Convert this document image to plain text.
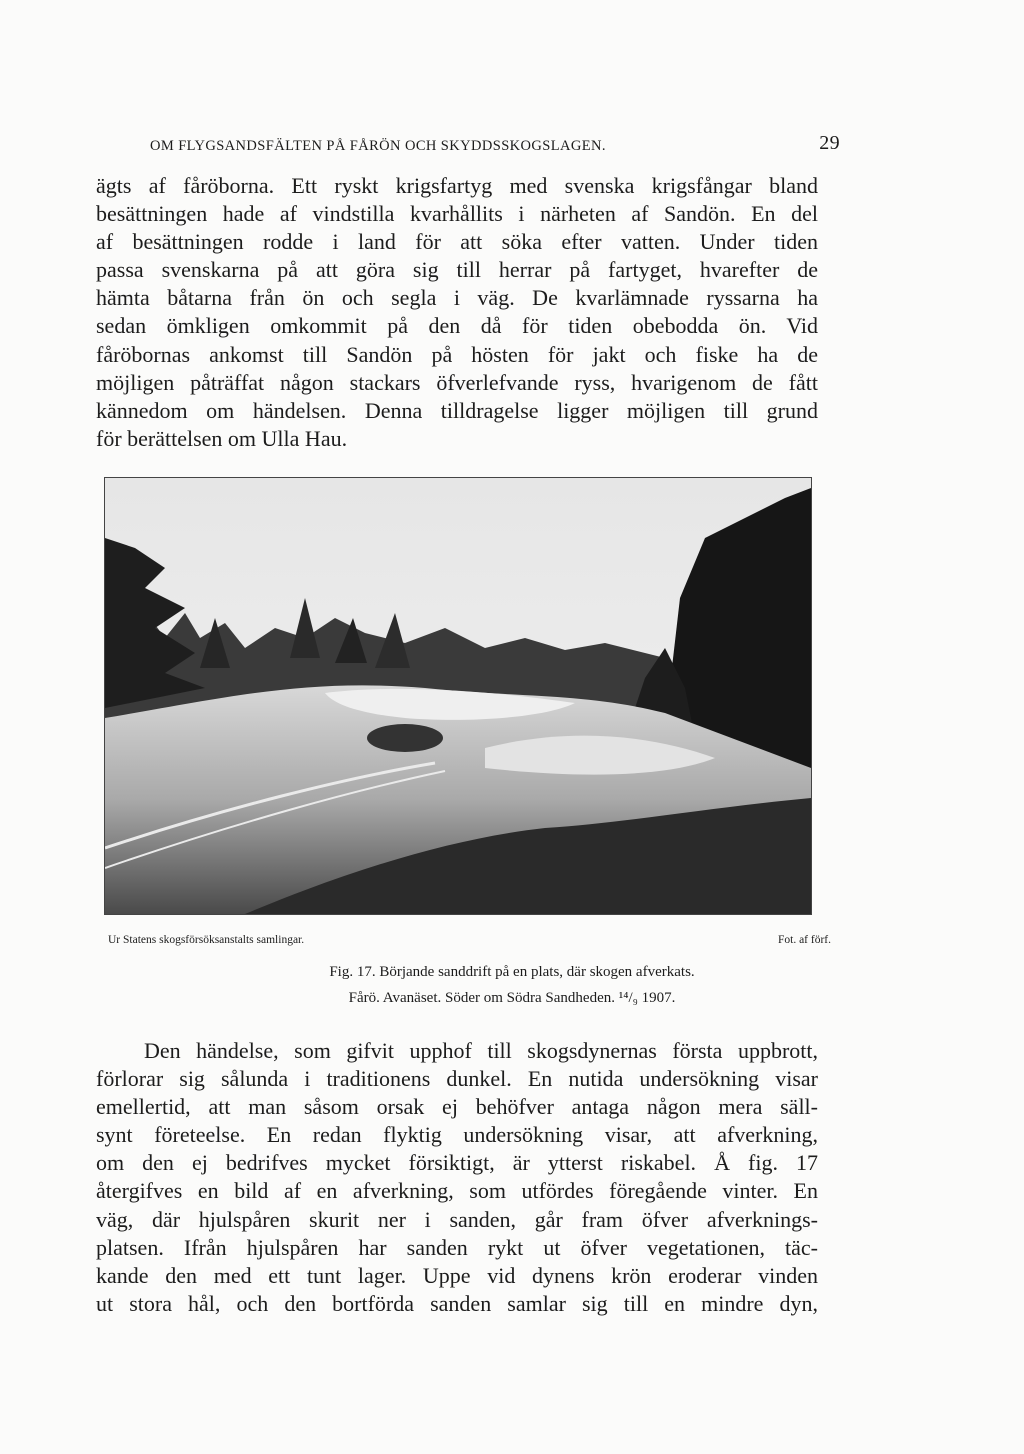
OM FLYGSANDSFÄLTEN PÅ FÅRÖN OCH SKYDDSSKOGSLAGEN.	29
ägts af fåröborna. Ett ryskt krigsfartyg med svenska krigsfångar bland
besättningen hade af vindstilla kvarhållits i närheten af Sandön. En del
af besättningen rodde i land för att söka efter vatten. Under tiden
passa svenskarna på att göra sig till herrar på fartyget, hvarefter de
hämta båtarna från ön och segla i väg. De kvarlämnade ryssarna ha
sedan ömkligen omkommit på den då för tiden obebodda ön. Vid
fåröbornas ankomst till Sandön på hösten för jakt och fiske ha de
möjligen påträffat någon stackars öfverlefvande ryss, hvarigenom de fått
kännedom om händelsen. Denna tilldragelse ligger möjligen till grund
för berättelsen om Ulla Hau.
Ur Statens skogsförsöksanstalts samlingar.	Fot. af förf.
Fig. 17. Börjande sanddrift på en plats, där skogen afverkats.
Fårö. Avanäset. Söder om Södra Sandheden. ¹⁴/₉ 1907.
Den händelse, som gifvit upphof till skogsdynernas första uppbrott,
förlorar sig sålunda i traditionens dunkel. En nutida undersökning visar
emellertid, att man såsom orsak ej behöfver antaga någon mera säll-
synt företeelse. En redan flyktig undersökning visar, att afverkning,
om den ej bedrifves mycket försiktigt, är ytterst riskabel. Å fig. 17
återgifves en bild af en afverkning, som utfördes föregående vinter. En
väg, där hjulspåren skurit ner i sanden, går fram öfver afverknings-
platsen. Ifrån hjulspåren har sanden rykt ut öfver vegetationen, täc-
kande den med ett tunt lager. Uppe vid dynens krön eroderar vinden
ut stora hål, och den bortförda sanden samlar sig till en mindre dyn,
